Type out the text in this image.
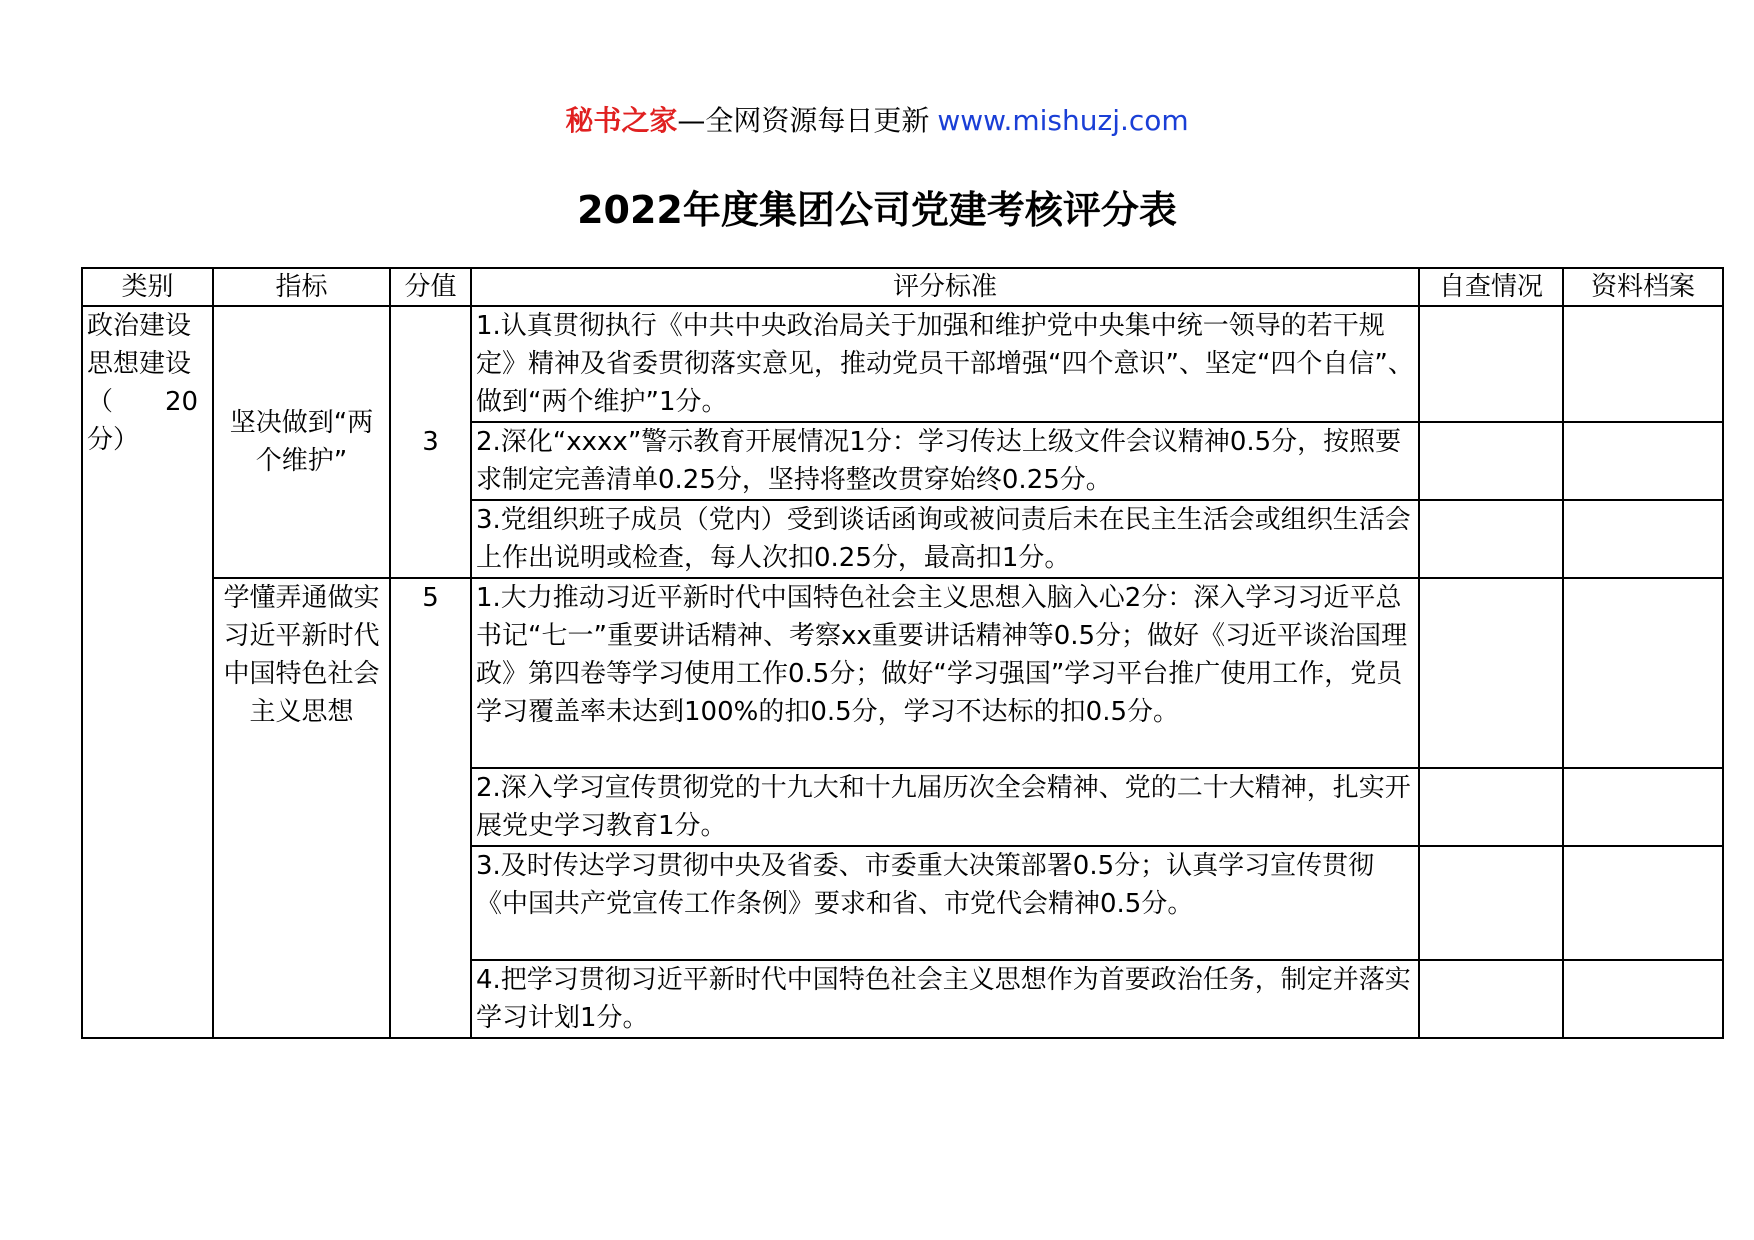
秘书之家—全网资源每日更新 www.mishuzj.com
2022年度集团公司党建考核评分表
类别	指标	分值	评分标准	自查情况	资料档案
政治建设思想建设（　　20分）	坚决做到“两个维护”	3	1.认真贯彻执行《中共中央政治局关于加强和维护党中央集中统一领导的若干规定》精神及省委贯彻落实意见，推动党员干部增强“四个意识”、坚定“四个自信”、做到“两个维护”1分。		
			2.深化“xxxx”警示教育开展情况1分：学习传达上级文件会议精神0.5分，按照要求制定完善清单0.25分，坚持将整改贯穿始终0.25分。		
			3.党组织班子成员（党内）受到谈话函询或被问责后未在民主生活会或组织生活会上作出说明或检查，每人次扣0.25分，最高扣1分。		
	学懂弄通做实习近平新时代中国特色社会主义思想	5	1.大力推动习近平新时代中国特色社会主义思想入脑入心2分：深入学习习近平总书记“七一”重要讲话精神、考察xx重要讲话精神等0.5分；做好《习近平谈治国理政》第四卷等学习使用工作0.5分；做好“学习强国”学习平台推广使用工作，党员学习覆盖率未达到100%的扣0.5分，学习不达标的扣0.5分。		
			2.深入学习宣传贯彻党的十九大和十九届历次全会精神、党的二十大精神，扎实开展党史学习教育1分。		
			3.及时传达学习贯彻中央及省委、市委重大决策部署0.5分；认真学习宣传贯彻《中国共产党宣传工作条例》要求和省、市党代会精神0.5分。		
			4.把学习贯彻习近平新时代中国特色社会主义思想作为首要政治任务，制定并落实学习计划1分。		
